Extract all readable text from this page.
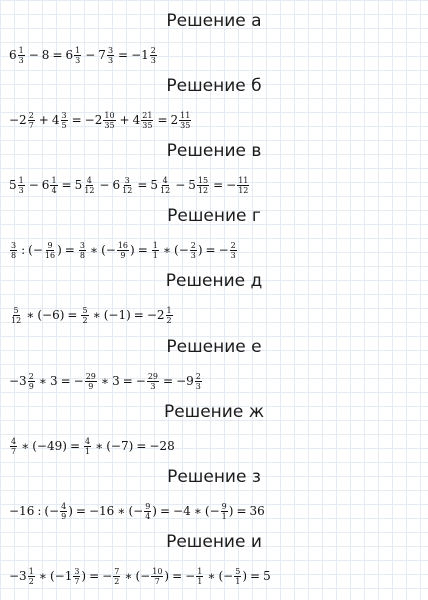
Решение а
$6 \frac{1}{3} - 8 = 6 \frac{1}{3} - 7 \frac{3}{3} = -1 \frac{2}{3}$
Решение б
$-2 \frac{2}{7} + 4 \frac{3}{5} = -2 \frac{10}{35} + 4 \frac{21}{35} = 2 \frac{11}{35}$
Решение в
$5 \frac{1}{3} - 6 \frac{1}{4} = 5 \frac{4}{12} - 6 \frac{3}{12} = 5 \frac{4}{12} - 5 \frac{15}{12}$ = − $\frac{11}{12}$
Решение г
$\frac{3}{8}$ : (− $\frac{9}{16}$ ) = $\frac{3}{8}$ ∗ (− $\frac{16}{9}$ ) = $\frac{1}{1}$ ∗ (− $\frac{2}{3}$ ) = − $\frac{2}{3}$
Решение д
$\frac{5}{12}$ ∗ $(-6) = \frac{5}{2}$ ∗ $(-1) = -2 \frac{1}{2}$
Решение е
$-3 \frac{2}{9}$ ∗ 3 = − $\frac{29}{9}$ ∗ 3 = − $\frac{29}{3} = -9 \frac{2}{3}$
Решение ж
$\frac{4}{7}$ ∗ $(-49) = \frac{4}{1}$ ∗ (−7) = −28
Решение з
−16 : (− $\frac{4}{9}$ ) = −16 ∗ (− $\frac{9}{4}$ ) = −4 ∗ (− $\frac{9}{1}$ ) = 36
Решение и
$-3 \frac{1}{2}$ ∗ ($-1 \frac{3}{7}$ ) = − $\frac{7}{2}$ ∗ (− $\frac{10}{7}$ ) = − $\frac{1}{1}$ ∗ (− $\frac{5}{1}$ ) = 5
